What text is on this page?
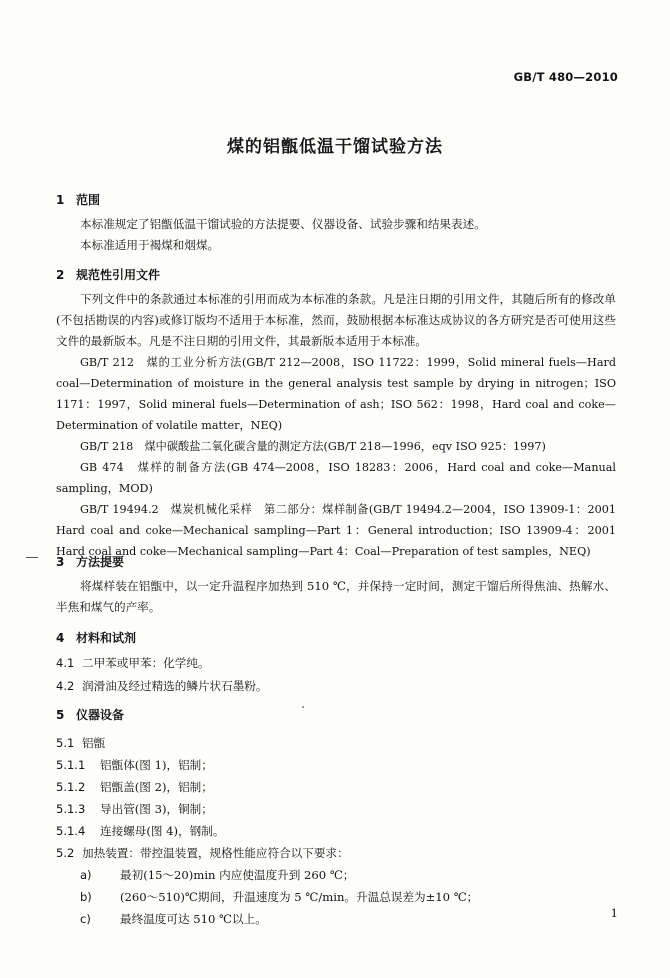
GB/T 480—2010
煤的铝甑低温干馏试验方法
1 范围

本标准规定了铝甑低温干馏试验的方法提要、仪器设备、试验步骤和结果表述。

本标准适用于褐煤和烟煤。

2 规范性引用文件

下列文件中的条款通过本标准的引用而成为本标准的条款。凡是注日期的引用文件，其随后所有的修改单(不包括勘误的内容)或修订版均不适用于本标准，然而，鼓励根据本标准达成协议的各方研究是否可使用这些文件的最新版本。凡是不注日期的引用文件，其最新版本适用于本标准。

GB/T 212　煤的工业分析方法(GB/T 212—2008，ISO 11722：1999，Solid mineral fuels—Hard coal—Determination of moisture in the general analysis test sample by drying in nitrogen；ISO 1171：1997，Solid mineral fuels—Determination of ash；ISO 562：1998，Hard coal and coke—Determination of volatile matter，NEQ)

GB/T 218　煤中碳酸盐二氧化碳含量的测定方法(GB/T 218—1996，eqv ISO 925：1997)

GB 474　煤样的制备方法(GB 474—2008，ISO 18283：2006，Hard coal and coke—Manual sampling，MOD)

GB/T 19494.2　煤炭机械化采样　第二部分：煤样制备(GB/T 19494.2—2004，ISO 13909-1：2001 Hard coal and coke—Mechanical sampling—Part 1：General introduction；ISO 13909-4：2001 Hard coal and coke—Mechanical sampling—Part 4：Coal—Preparation of test samples，NEQ)

3 方法提要

将煤样装在铝甑中，以一定升温程序加热到 510 ℃，并保持一定时间，测定干馏后所得焦油、热解水、半焦和煤气的产率。

4 材料和试剂
4.1 二甲苯或甲苯：化学纯。
4.2 润滑油及经过精选的鳞片状石墨粉。
5 仪器设备
5.1 铝甑
5.1.1 铝甑体(图 1)，铝制；
5.1.2 铝甑盖(图 2)，铝制；
5.1.3 导出管(图 3)，铜制；
5.1.4 连接螺母(图 4)，钢制。
5.2 加热装置：带控温装置，规格性能应符合以下要求：
a) 最初(15～20)min 内应使温度升到 260 ℃；
b) (260～510)℃期间，升温速度为 5 ℃/min。升温总误差为±10 ℃；
c)	最终温度可达 510 ℃以上。	1
